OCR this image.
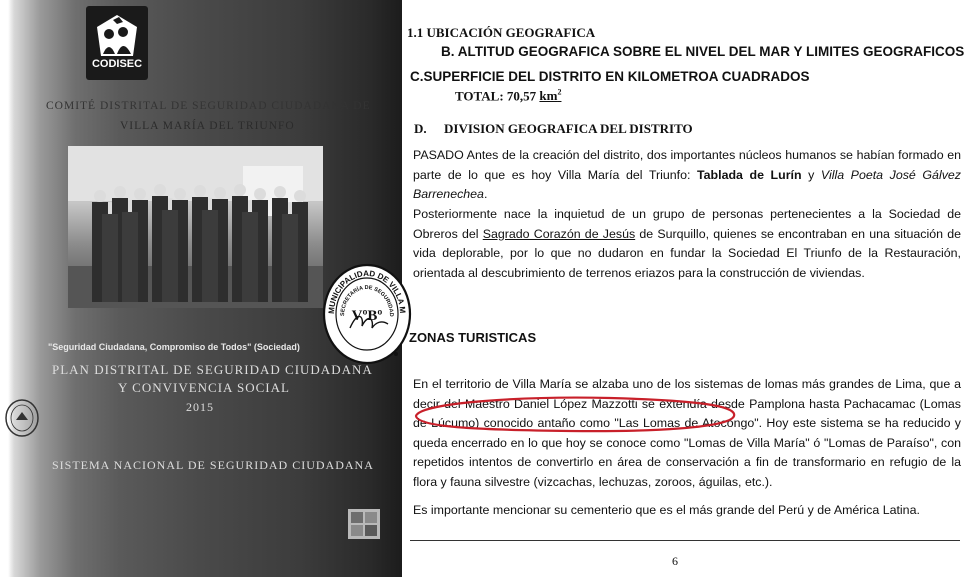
CODISEC
COMITÉ DISTRITAL DE SEGURIDAD CIUDADANA DE
VILLA MARÍA DEL TRIUNFO
"Seguridad Ciudadana, Compromiso de Todos" (Sociedad)
PLAN DISTRITAL DE SEGURIDAD CIUDADANA
Y CONVIVENCIA SOCIAL
2015
SISTEMA NACIONAL DE SEGURIDAD CIUDADANA
MUNICIPALIDAD DE VILLA M
SECRETARÍA DE SEGURIDAD
VºBº
1.1 UBICACIÓN GEOGRAFICA
B. ALTITUD GEOGRAFICA SOBRE EL NIVEL DEL MAR Y LIMITES GEOGRAFICOS
C.SUPERFICIE DEL DISTRITO EN KILOMETROA CUADRADOS
TOTAL: 70,57 $km^2$
D. DIVISION GEOGRAFICA DEL DISTRITO
PASADO Antes de la creación del distrito, dos importantes núcleos humanos se habían formado en parte de lo que es hoy Villa María del Triunfo: Tablada de Lurín y Villa Poeta José Gálvez Barrenechea.
Posteriormente nace la inquietud de un grupo de personas pertenecientes a la Sociedad de Obreros del Sagrado Corazón de Jesús de Surquillo, quienes se encontraban en una situación de vida deplorable, por lo que no dudaron en fundar la Sociedad El Triunfo de la Restauración, orientada al descubrimiento de terrenos eriazos para la construcción de viviendas.
ZONAS TURISTICAS
En el territorio de Villa María se alzaba uno de los sistemas de lomas más grandes de Lima, que a decir del Maestro Daniel López Mazzotti se extendía desde Pamplona hasta Pachacamac (Lomas de Lúcumo) conocido antaño como "Las Lomas de Atocongo". Hoy este sistema se ha reducido y queda encerrado en lo que hoy se conoce como "Lomas de Villa María" ó "Lomas de Paraíso", con repetidos intentos de convertirlo en área de conservación a fin de transformario en refugio de la flora y fauna silvestre (vizcachas, lechuzas, zoroos, águilas, etc.).
Es importante mencionar su cementerio que es el más grande del Perú y de América Latina.
6
